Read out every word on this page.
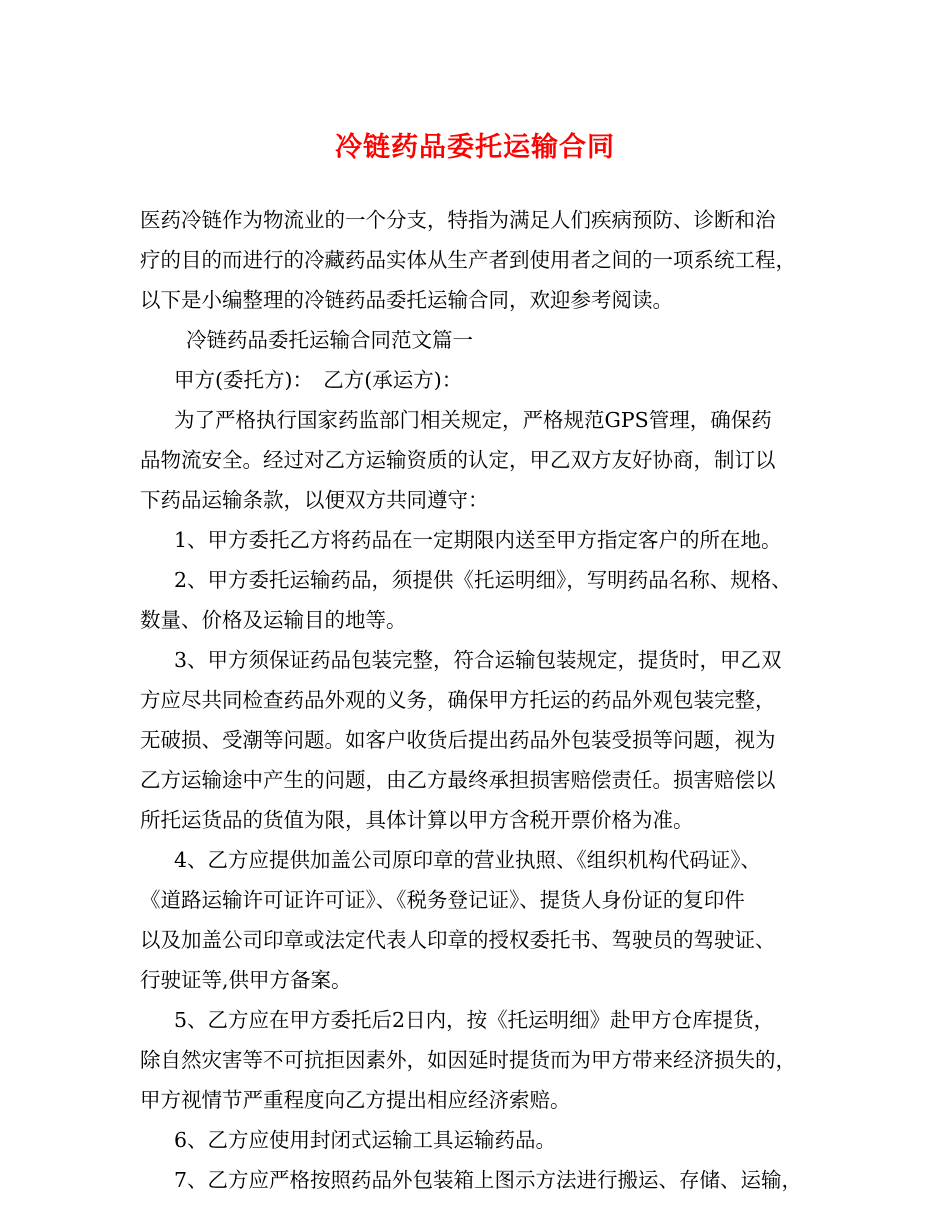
冷链药品委托运输合同
医药冷链作为物流业的一个分支，特指为满足人们疾病预防、诊断和治
疗的目的而进行的冷藏药品实体从生产者到使用者之间的一项系统工程，
以下是小编整理的冷链药品委托运输合同，欢迎参考阅读。
冷链药品委托运输合同范文篇一
甲方(委托方)：　乙方(承运方)：
为了严格执行国家药监部门相关规定，严格规范GPS管理，确保药
品物流安全。经过对乙方运输资质的认定，甲乙双方友好协商，制订以
下药品运输条款，以便双方共同遵守：
1、甲方委托乙方将药品在一定期限内送至甲方指定客户的所在地。
2、甲方委托运输药品，须提供《托运明细》，写明药品名称、规格、
数量、价格及运输目的地等。
3、甲方须保证药品包装完整，符合运输包装规定，提货时，甲乙双
方应尽共同检查药品外观的义务，确保甲方托运的药品外观包装完整，
无破损、受潮等问题。如客户收货后提出药品外包装受损等问题，视为
乙方运输途中产生的问题，由乙方最终承担损害赔偿责任。损害赔偿以
所托运货品的货值为限，具体计算以甲方含税开票价格为准。
4、乙方应提供加盖公司原印章的营业执照、《组织机构代码证》、
《道路运输许可证许可证》、《税务登记证》、提货人身份证的复印件
以及加盖公司印章或法定代表人印章的授权委托书、驾驶员的驾驶证、
行驶证等,供甲方备案。
5、乙方应在甲方委托后2日内，按《托运明细》赴甲方仓库提货，
除自然灾害等不可抗拒因素外，如因延时提货而为甲方带来经济损失的，
甲方视情节严重程度向乙方提出相应经济索赔。
6、乙方应使用封闭式运输工具运输药品。
7、乙方应严格按照药品外包装箱上图示方法进行搬运、存储、运输，
